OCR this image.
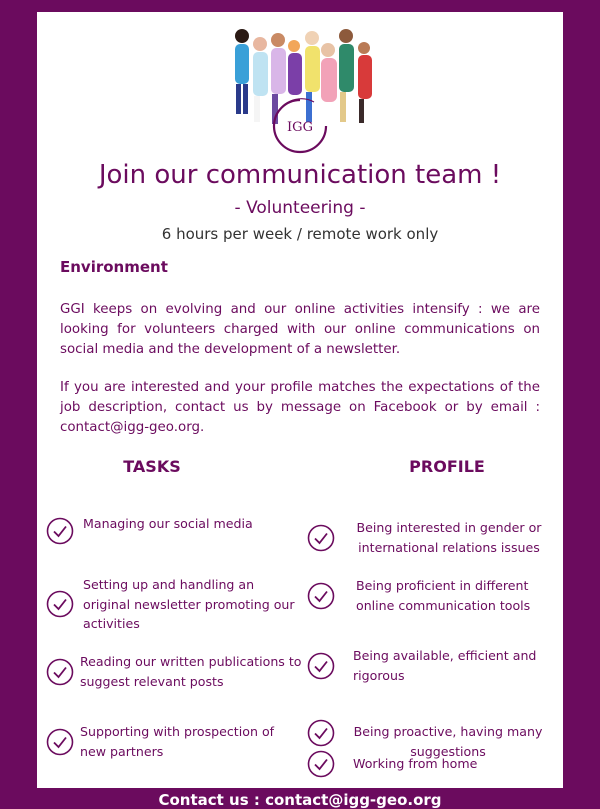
IGG
Join our communication team !
- Volunteering -
6 hours per week / remote work only
Environment

GGI keeps on evolving and our online activities intensify : we are looking for volunteers charged with our online communications on social media and the development of a newsletter.

If you are interested and your profile matches the expectations of the job description, contact us by message on Facebook or by email : contact@igg-geo.org.

TASKS	PROFILE
Managing our social media
Setting up and handling an original newsletter promoting our activities
Reading our written publications to suggest relevant posts
Supporting with prospection of new partners
Being interested in gender or international relations issues
Being proficient in different online communication tools
Being available, efficient and rigorous
Being proactive, having many suggestions
Working from home
Contact us : contact@igg-geo.org
